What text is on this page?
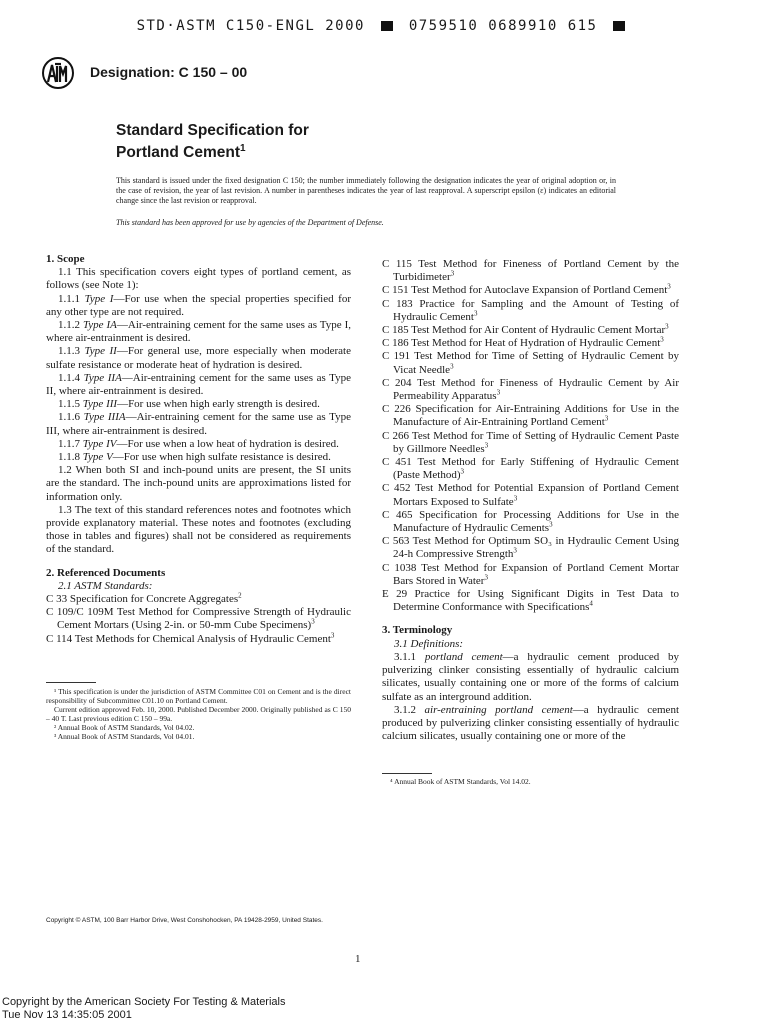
STD·ASTM C150-ENGL 2000	0759510 0689910 615
Designation: C 150 – 00
Standard Specification for
Portland Cement$^1$
This standard is issued under the fixed designation C 150; the number immediately following the designation indicates the year of original adoption or, in the case of revision, the year of last revision. A number in parentheses indicates the year of last reapproval. A superscript epsilon (ε) indicates an editorial change since the last revision or reapproval.
This standard has been approved for use by agencies of the Department of Defense.

1. Scope

1.1 This specification covers eight types of portland cement, as follows (see Note 1):

1.1.1 Type I—For use when the special properties specified for any other type are not required.

1.1.2 Type IA—Air-entraining cement for the same uses as Type I, where air-entrainment is desired.

1.1.3 Type II—For general use, more especially when moderate sulfate resistance or moderate heat of hydration is desired.

1.1.4 Type IIA—Air-entraining cement for the same uses as Type II, where air-entrainment is desired.

1.1.5 Type III—For use when high early strength is desired.

1.1.6 Type IIIA—Air-entraining cement for the same use as Type III, where air-entrainment is desired.

1.1.7 Type IV—For use when a low heat of hydration is desired.

1.1.8 Type V—For use when high sulfate resistance is desired.

1.2 When both SI and inch-pound units are present, the SI units are the standard. The inch-pound units are approximations listed for information only.

1.3 The text of this standard references notes and footnotes which provide explanatory material. These notes and footnotes (excluding those in tables and figures) shall not be considered as requirements of the standard.

2. Referenced Documents

2.1 ASTM Standards:

C 33 Specification for Concrete Aggregates$^2$

C 109/C 109M Test Method for Compressive Strength of Hydraulic Cement Mortars (Using 2-in. or 50-mm Cube Specimens)$^3$

C 114 Test Methods for Chemical Analysis of Hydraulic Cement$^3$

¹ This specification is under the jurisdiction of ASTM Committee C01 on Cement and is the direct responsibility of Subcommittee C01.10 on Portland Cement.

Current edition approved Feb. 10, 2000. Published December 2000. Originally published as C 150 – 40 T. Last previous edition C 150 – 99a.

² Annual Book of ASTM Standards, Vol 04.02.

³ Annual Book of ASTM Standards, Vol 04.01.

C 115 Test Method for Fineness of Portland Cement by the Turbidimeter$^3$

C 151 Test Method for Autoclave Expansion of Portland Cement$^3$

C 183 Practice for Sampling and the Amount of Testing of Hydraulic Cement$^3$

C 185 Test Method for Air Content of Hydraulic Cement Mortar$^3$

C 186 Test Method for Heat of Hydration of Hydraulic Cement$^3$

C 191 Test Method for Time of Setting of Hydraulic Cement by Vicat Needle$^3$

C 204 Test Method for Fineness of Hydraulic Cement by Air Permeability Apparatus$^3$

C 226 Specification for Air-Entraining Additions for Use in the Manufacture of Air-Entraining Portland Cement$^3$

C 266 Test Method for Time of Setting of Hydraulic Cement Paste by Gillmore Needles$^3$

C 451 Test Method for Early Stiffening of Hydraulic Cement (Paste Method)$^3$

C 452 Test Method for Potential Expansion of Portland Cement Mortars Exposed to Sulfate$^3$

C 465 Specification for Processing Additions for Use in the Manufacture of Hydraulic Cements$^3$

C 563 Test Method for Optimum SO₃ in Hydraulic Cement Using 24-h Compressive Strength$^3$

C 1038 Test Method for Expansion of Portland Cement Mortar Bars Stored in Water$^3$

E 29 Practice for Using Significant Digits in Test Data to Determine Conformance with Specifications$^4$

3. Terminology

3.1 Definitions:

3.1.1 portland cement—a hydraulic cement produced by pulverizing clinker consisting essentially of hydraulic calcium silicates, usually containing one or more of the forms of calcium sulfate as an interground addition.

3.1.2 air-entraining portland cement—a hydraulic cement produced by pulverizing clinker consisting essentially of hydraulic calcium silicates, usually containing one or more of the

⁴ Annual Book of ASTM Standards, Vol 14.02.

Copyright © ASTM, 100 Barr Harbor Drive, West Conshohocken, PA 19428-2959, United States.
1
Copyright by the American Society For Testing & Materials
Tue Nov 13 14:35:05 2001
